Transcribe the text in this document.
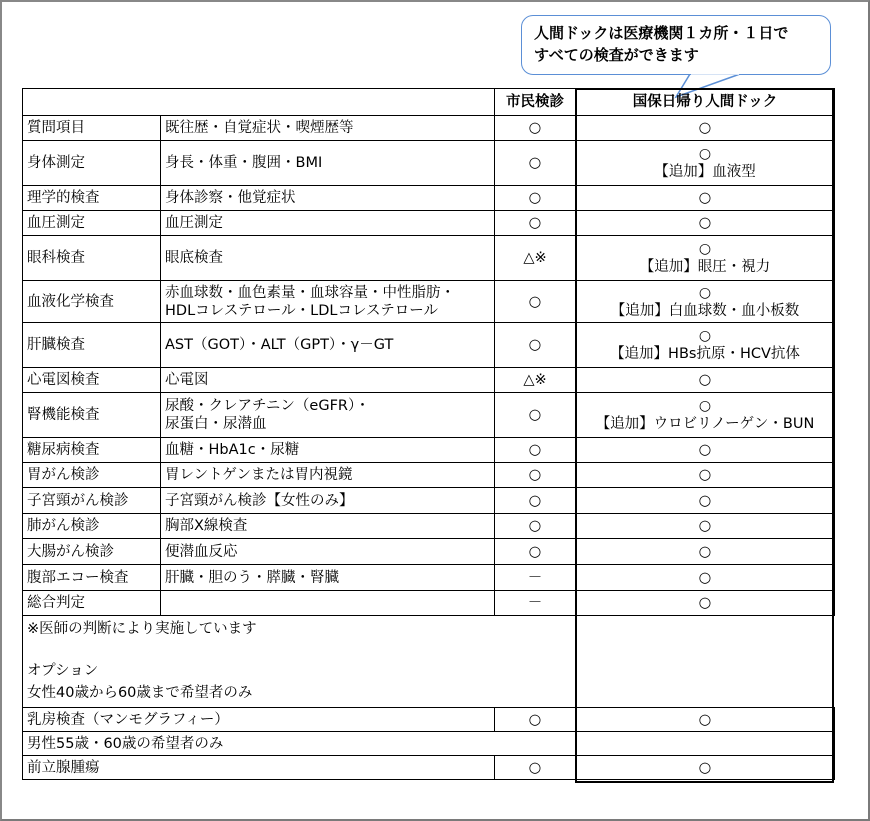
人間ドックは医療機関１カ所・１日で
すべての検査ができます
		市民検診	国保日帰り人間ドック
質問項目	既往歴・自覚症状・喫煙歴等	○	○
身体測定	身長・体重・腹囲・BMI	○	○
【追加】血液型

理学的検査	身体診察・他覚症状	○	○
血圧測定	血圧測定	○	○
眼科検査	眼底検査	△※	○
【追加】眼圧・視力

血液化学検査	赤血球数・血色素量・血球容量・中性脂肪・
HDLコレステロール・LDLコレステロール	○	○
【追加】白血球数・血小板数

肝臓検査	AST（GOT）・ALT（GPT）・γ－GT	○	○
【追加】HBs抗原・HCV抗体

心電図検査	心電図	△※	○
腎機能検査	尿酸・クレアチニン（eGFR）・
尿蛋白・尿潜血	○	○
【追加】ウロビリノーゲン・BUN

糖尿病検査	血糖・HbA1c・尿糖	○	○
胃がん検診	胃レントゲンまたは胃内視鏡	○	○
子宮頸がん検診	子宮頸がん検診【女性のみ】	○	○
肺がん検診	胸部X線検査	○	○
大腸がん検診	便潜血反応	○	○
腹部エコー検査	肝臓・胆のう・膵臓・腎臓	－	○
総合判定		－	○

※医師の判断により実施しています
オプション
女性40歳から60歳まで希望者のみ			

乳房検査（マンモグラフィー）		○	○
男性55歳・60歳の希望者のみ			
前立腺腫瘍		○	○
